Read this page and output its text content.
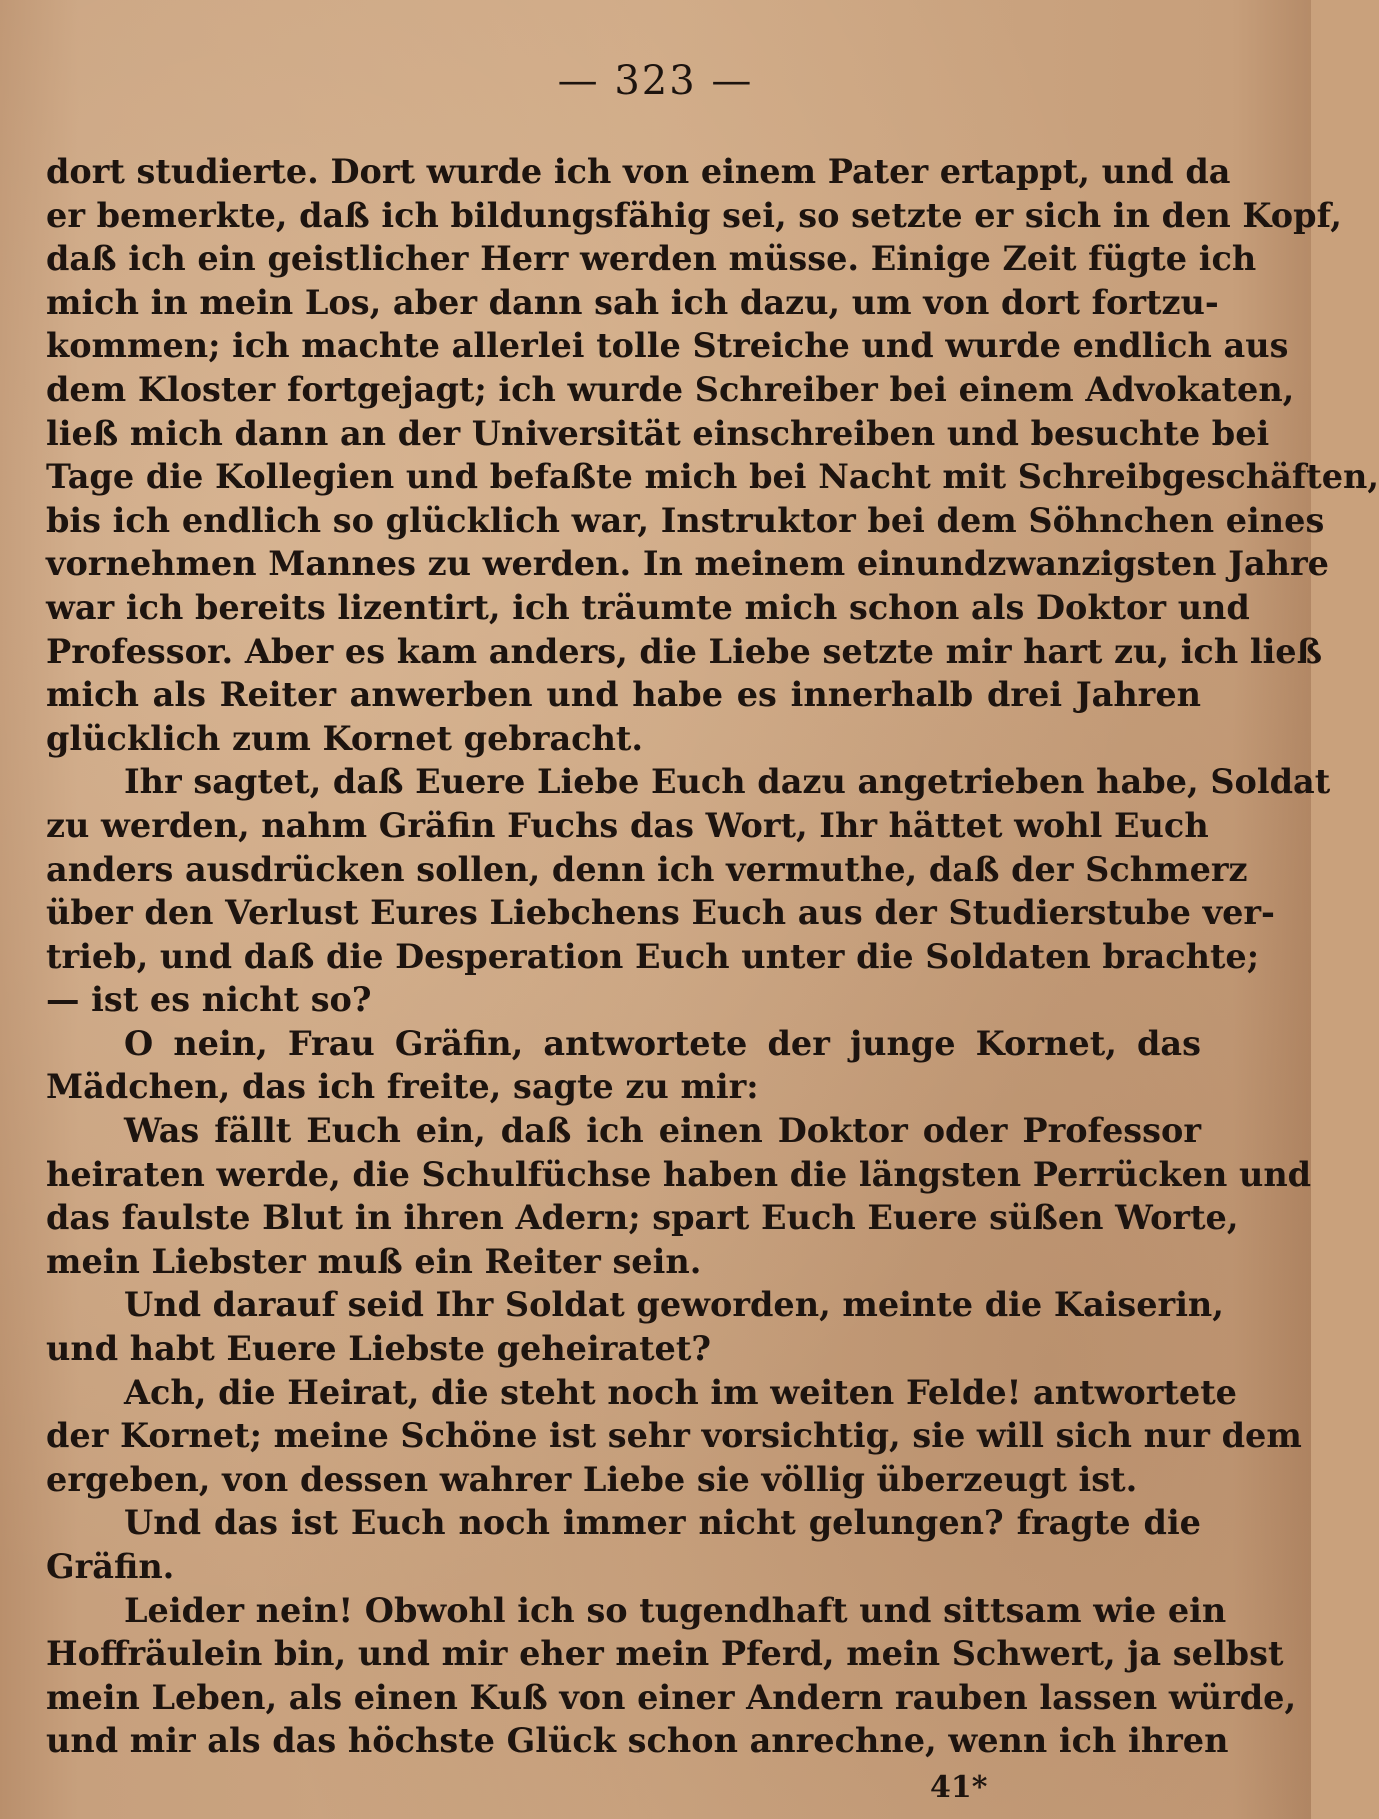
— 323 —
dort studierte. Dort wurde ich von einem Pater ertappt, und da
er bemerkte, daß ich bildungsfähig sei, so setzte er sich in den Kopf,
daß ich ein geistlicher Herr werden müsse. Einige Zeit fügte ich
mich in mein Los, aber dann sah ich dazu, um von dort fortzu-
kommen; ich machte allerlei tolle Streiche und wurde endlich aus
dem Kloster fortgejagt; ich wurde Schreiber bei einem Advokaten,
ließ mich dann an der Universität einschreiben und besuchte bei
Tage die Kollegien und befaßte mich bei Nacht mit Schreibgeschäften,
bis ich endlich so glücklich war, Instruktor bei dem Söhnchen eines
vornehmen Mannes zu werden. In meinem einundzwanzigsten Jahre
war ich bereits lizentirt, ich träumte mich schon als Doktor und
Professor. Aber es kam anders, die Liebe setzte mir hart zu, ich ließ
mich als Reiter anwerben und habe es innerhalb drei Jahren
glücklich zum Kornet gebracht.
Ihr sagtet, daß Euere Liebe Euch dazu angetrieben habe, Soldat
zu werden, nahm Gräfin Fuchs das Wort, Ihr hättet wohl Euch
anders ausdrücken sollen, denn ich vermuthe, daß der Schmerz
über den Verlust Eures Liebchens Euch aus der Studierstube ver-
trieb, und daß die Desperation Euch unter die Soldaten brachte;
— ist es nicht so?
O nein, Frau Gräfin, antwortete der junge Kornet, das
Mädchen, das ich freite, sagte zu mir:
Was fällt Euch ein, daß ich einen Doktor oder Professor
heiraten werde, die Schulfüchse haben die längsten Perrücken und
das faulste Blut in ihren Adern; spart Euch Euere süßen Worte,
mein Liebster muß ein Reiter sein.
Und darauf seid Ihr Soldat geworden, meinte die Kaiserin,
und habt Euere Liebste geheiratet?
Ach, die Heirat, die steht noch im weiten Felde! antwortete
der Kornet; meine Schöne ist sehr vorsichtig, sie will sich nur dem
ergeben, von dessen wahrer Liebe sie völlig überzeugt ist.
Und das ist Euch noch immer nicht gelungen? fragte die
Gräfin.
Leider nein! Obwohl ich so tugendhaft und sittsam wie ein
Hoffräulein bin, und mir eher mein Pferd, mein Schwert, ja selbst
mein Leben, als einen Kuß von einer Andern rauben lassen würde,
und mir als das höchste Glück schon anrechne, wenn ich ihren
41*
